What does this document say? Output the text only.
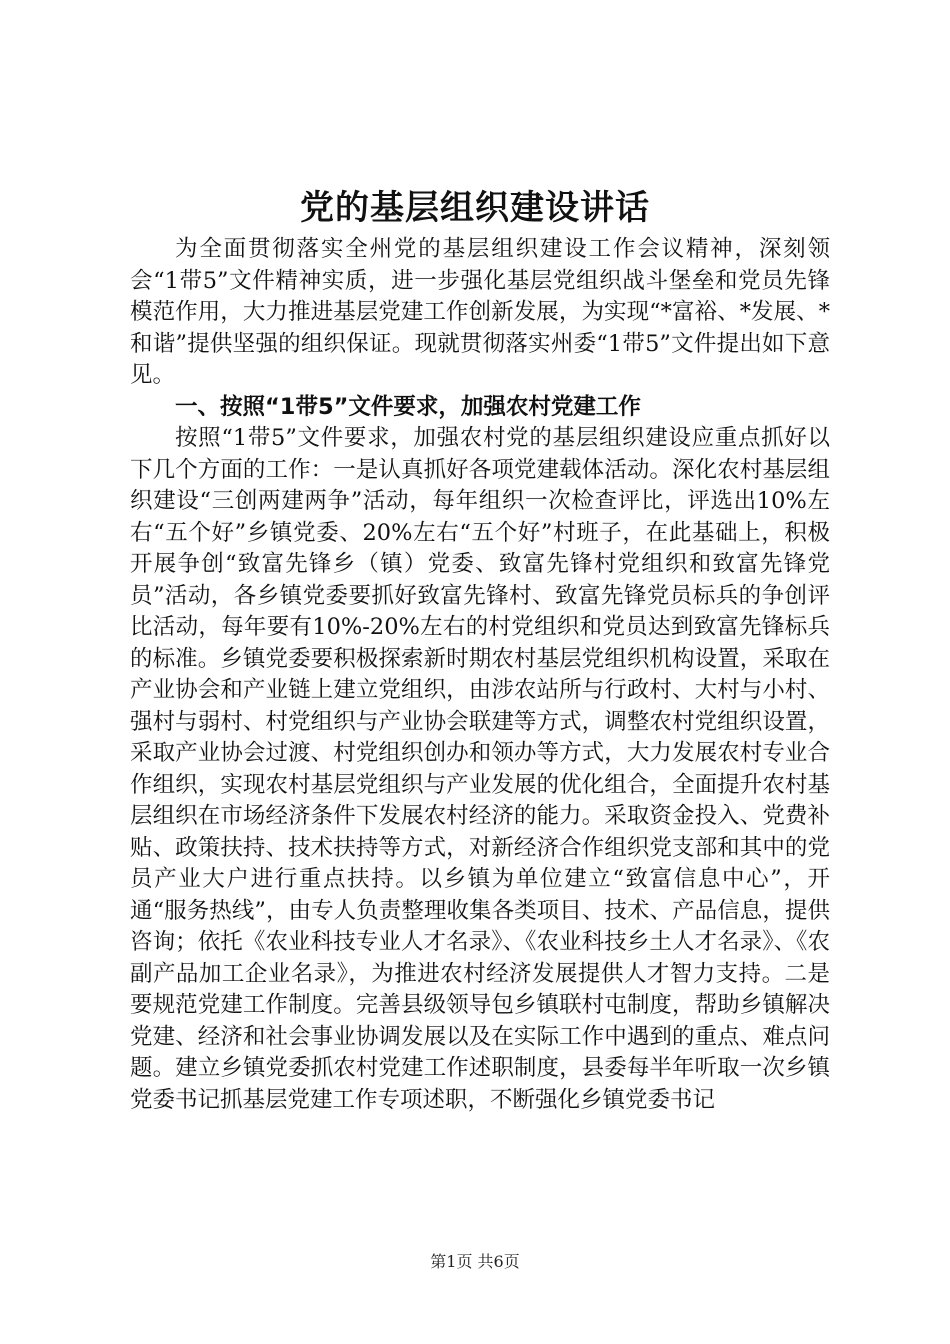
党的基层组织建设讲话

为全面贯彻落实全州党的基层组织建设工作会议精神，深刻领会“1带5”文件精神实质，进一步强化基层党组织战斗堡垒和党员先锋模范作用，大力推进基层党建工作创新发展，为实现“*富裕、*发展、*和谐”提供坚强的组织保证。现就贯彻落实州委“1带5”文件提出如下意见。

一、按照“1带5”文件要求，加强农村党建工作

按照“1带5”文件要求，加强农村党的基层组织建设应重点抓好以下几个方面的工作：一是认真抓好各项党建载体活动。深化农村基层组织建设“三创两建两争”活动，每年组织一次检查评比，评选出10%左右“五个好”乡镇党委、20%左右“五个好”村班子，在此基础上，积极开展争创“致富先锋乡（镇）党委、致富先锋村党组织和致富先锋党员”活动，各乡镇党委要抓好致富先锋村、致富先锋党员标兵的争创评比活动，每年要有10%-20%左右的村党组织和党员达到致富先锋标兵的标准。乡镇党委要积极探索新时期农村基层党组织机构设置，采取在产业协会和产业链上建立党组织，由涉农站所与行政村、大村与小村、强村与弱村、村党组织与产业协会联建等方式，调整农村党组织设置，采取产业协会过渡、村党组织创办和领办等方式，大力发展农村专业合作组织，实现农村基层党组织与产业发展的优化组合，全面提升农村基层组织在市场经济条件下发展农村经济的能力。采取资金投入、党费补贴、政策扶持、技术扶持等方式，对新经济合作组织党支部和其中的党员产业大户进行重点扶持。以乡镇为单位建立“致富信息中心”，开通“服务热线”，由专人负责整理收集各类项目、技术、产品信息，提供咨询；依托《农业科技专业人才名录》、《农业科技乡土人才名录》、《农副产品加工企业名录》，为推进农村经济发展提供人才智力支持。二是要规范党建工作制度。完善县级领导包乡镇联村屯制度，帮助乡镇解决党建、经济和社会事业协调发展以及在实际工作中遇到的重点、难点问题。建立乡镇党委抓农村党建工作述职制度，县委每半年听取一次乡镇党委书记抓基层党建工作专项述职，不断强化乡镇党委书记

第1页 共6页
